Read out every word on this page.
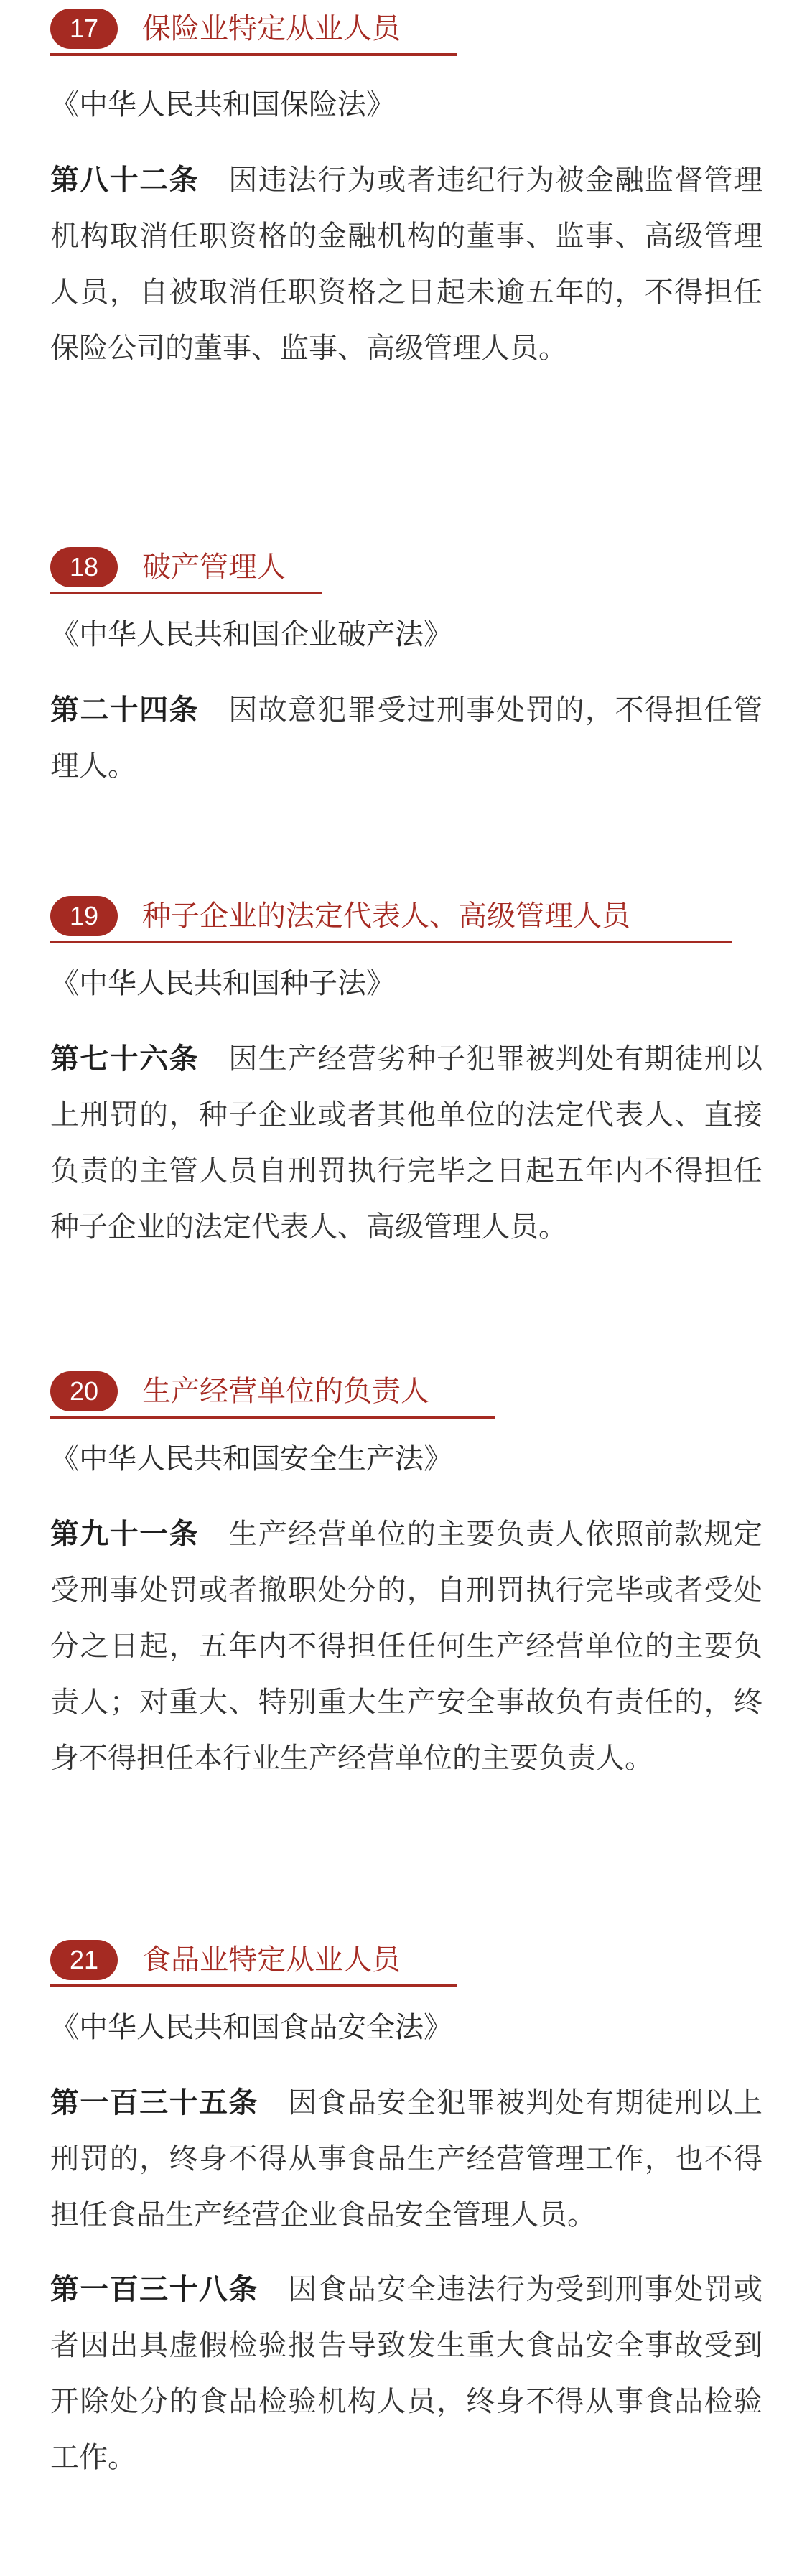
17	保险业特定从业人员
《中华人民共和国保险法》

第八十二条  因违法行为或者违纪行为被金融监督管理机构取消任职资格的金融机构的董事、监事、高级管理人员，自被取消任职资格之日起未逾五年的，不得担任保险公司的董事、监事、高级管理人员。

18	破产管理人
《中华人民共和国企业破产法》

第二十四条  因故意犯罪受过刑事处罚的，不得担任管理人。

19	种子企业的法定代表人、高级管理人员
《中华人民共和国种子法》

第七十六条  因生产经营劣种子犯罪被判处有期徒刑以上刑罚的，种子企业或者其他单位的法定代表人、直接负责的主管人员自刑罚执行完毕之日起五年内不得担任种子企业的法定代表人、高级管理人员。

20	生产经营单位的负责人
《中华人民共和国安全生产法》

第九十一条  生产经营单位的主要负责人依照前款规定受刑事处罚或者撤职处分的，自刑罚执行完毕或者受处分之日起，五年内不得担任任何生产经营单位的主要负责人；对重大、特别重大生产安全事故负有责任的，终身不得担任本行业生产经营单位的主要负责人。

21	食品业特定从业人员
《中华人民共和国食品安全法》

第一百三十五条  因食品安全犯罪被判处有期徒刑以上刑罚的，终身不得从事食品生产经营管理工作，也不得担任食品生产经营企业食品安全管理人员。

第一百三十八条  因食品安全违法行为受到刑事处罚或者因出具虚假检验报告导致发生重大食品安全事故受到开除处分的食品检验机构人员，终身不得从事食品检验工作。
